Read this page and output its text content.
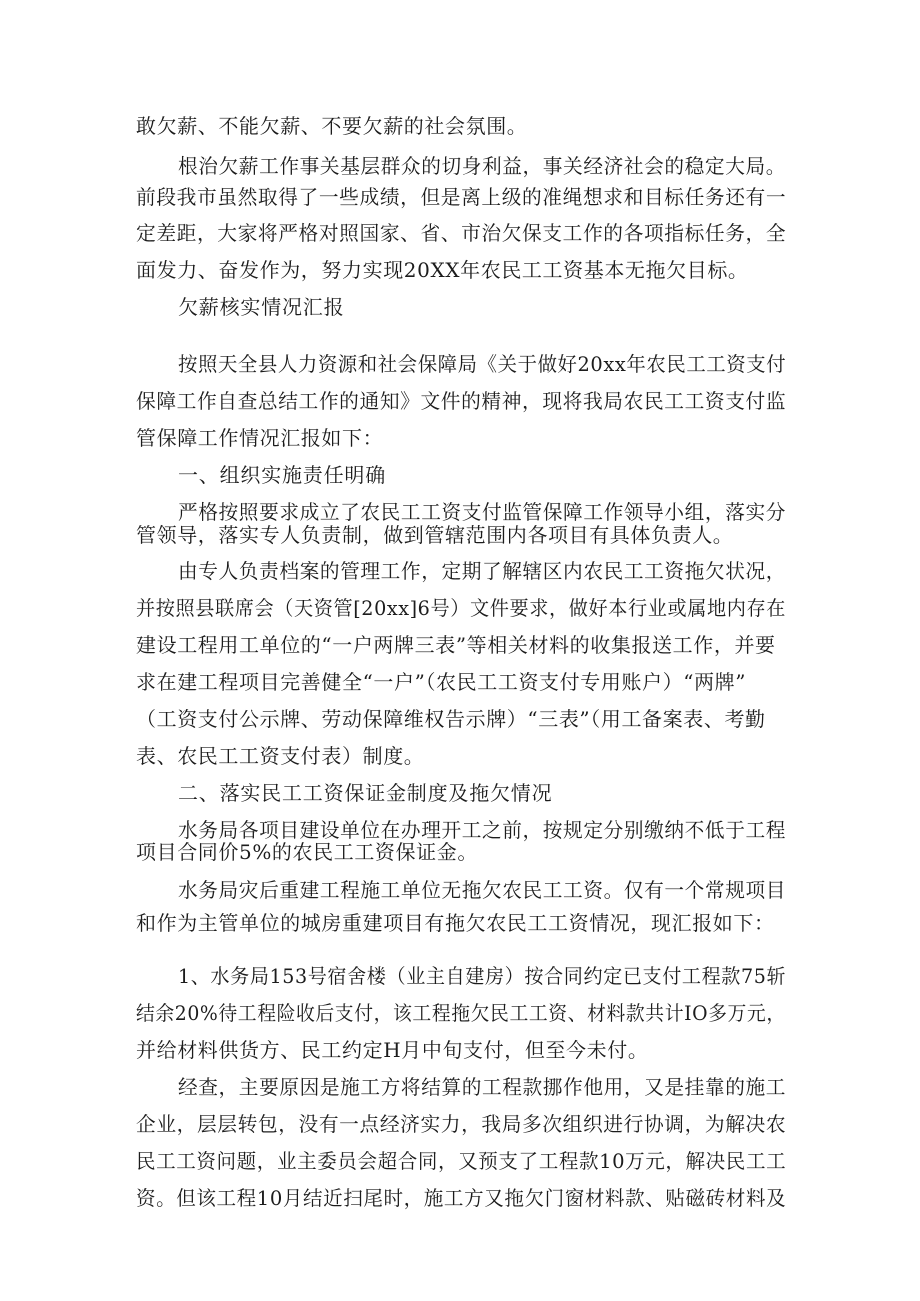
敢欠薪、不能欠薪、不要欠薪的社会氛围。
根治欠薪工作事关基层群众的切身利益，事关经济社会的稳定大局。
前段我市虽然取得了一些成绩，但是离上级的准绳想求和目标任务还有一
定差距，大家将严格对照国家、省、市治欠保支工作的各项指标任务，全
面发力、奋发作为，努力实现20XX年农民工工资基本无拖欠目标。
欠薪核实情况汇报
按照天全县人力资源和社会保障局《关于做好20xx年农民工工资支付
保障工作自查总结工作的通知》文件的精神，现将我局农民工工资支付监
管保障工作情况汇报如下：
一、组织实施责任明确
严格按照要求成立了农民工工资支付监管保障工作领导小组，落实分
管领导，落实专人负责制，做到管辖范围内各项目有具体负责人。
由专人负责档案的管理工作，定期了解辖区内农民工工资拖欠状况，
并按照县联席会（天资管[20xx]6号）文件要求，做好本行业或属地内存在
建设工程用工单位的“一户两牌三表”等相关材料的收集报送工作，并要
求在建工程项目完善健全“一户”（农民工工资支付专用账户）“两牌”
（工资支付公示牌、劳动保障维权告示牌）“三表”（用工备案表、考勤
表、农民工工资支付表）制度。
二、落实民工工资保证金制度及拖欠情况
水务局各项目建设单位在办理开工之前，按规定分别缴纳不低于工程
项目合同价5%的农民工工资保证金。
水务局灾后重建工程施工单位无拖欠农民工工资。仅有一个常规项目
和作为主管单位的城房重建项目有拖欠农民工工资情况，现汇报如下：
1、水务局153号宿舍楼（业主自建房）按合同约定已支付工程款75斩
结余20%待工程险收后支付，该工程拖欠民工工资、材料款共计IO多万元，
并给材料供货方、民工约定H月中旬支付，但至今未付。
经查，主要原因是施工方将结算的工程款挪作他用，又是挂靠的施工
企业，层层转包，没有一点经济实力，我局多次组织进行协调，为解决农
民工工资问题，业主委员会超合同，又预支了工程款10万元，解决民工工
资。但该工程10月结近扫尾时，施工方又拖欠门窗材料款、贴磁砖材料及
